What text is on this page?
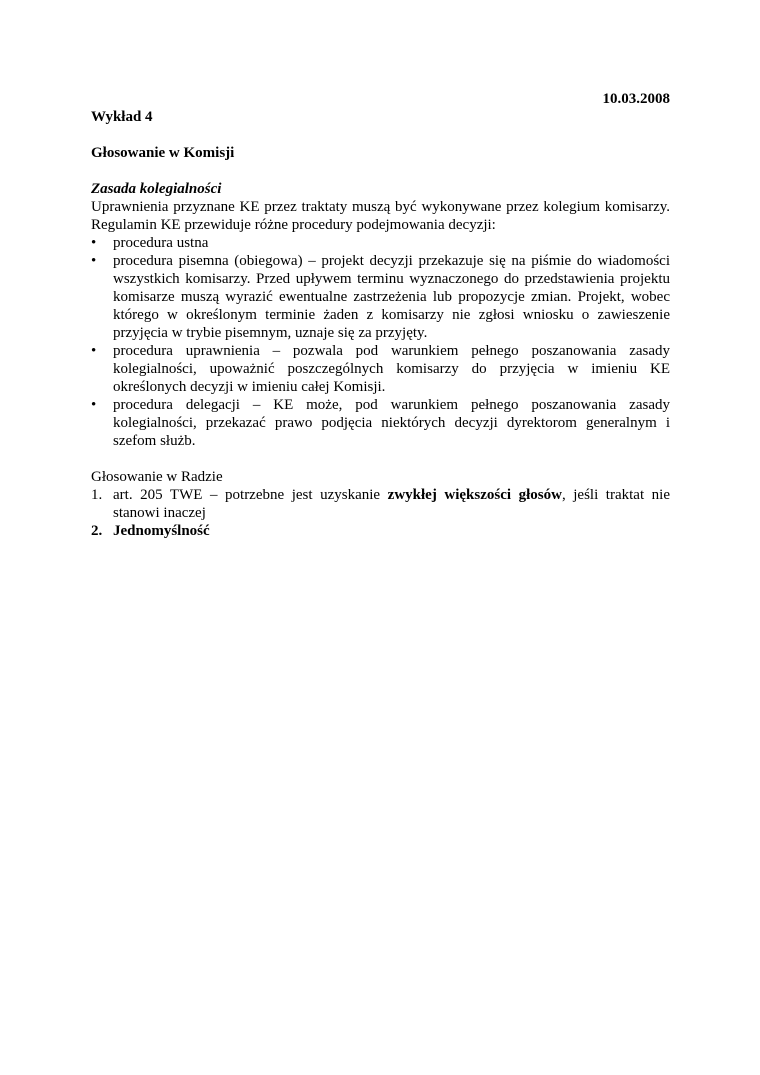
10.03.2008

Wykład 4

Głosowanie w Komisji

Zasada kolegialności

Uprawnienia przyznane KE przez traktaty muszą być wykonywane przez kolegium komisarzy. Regulamin KE przewiduje różne procedury podejmowania decyzji:

•	procedura ustna
•	procedura pisemna (obiegowa) – projekt decyzji przekazuje się na piśmie do wiadomości wszystkich komisarzy. Przed upływem terminu wyznaczonego do przedstawienia projektu komisarze muszą wyrazić ewentualne zastrzeżenia lub propozycje zmian. Projekt, wobec którego w określonym terminie żaden z komisarzy nie zgłosi wniosku o zawieszenie przyjęcia w trybie pisemnym, uznaje się za przyjęty.
•	procedura uprawnienia – pozwala pod warunkiem pełnego poszanowania zasady kolegialności, upoważnić poszczególnych komisarzy do przyjęcia w imieniu KE określonych decyzji w imieniu całej Komisji.
•	procedura delegacji – KE może, pod warunkiem pełnego poszanowania zasady kolegialności, przekazać prawo podjęcia niektórych decyzji dyrektorom generalnym i szefom służb.

Głosowanie w Radzie

1. art. 205 TWE – potrzebne jest uzyskanie zwykłej większości głosów, jeśli traktat nie stanowi inaczej
2. Jednomyślność
